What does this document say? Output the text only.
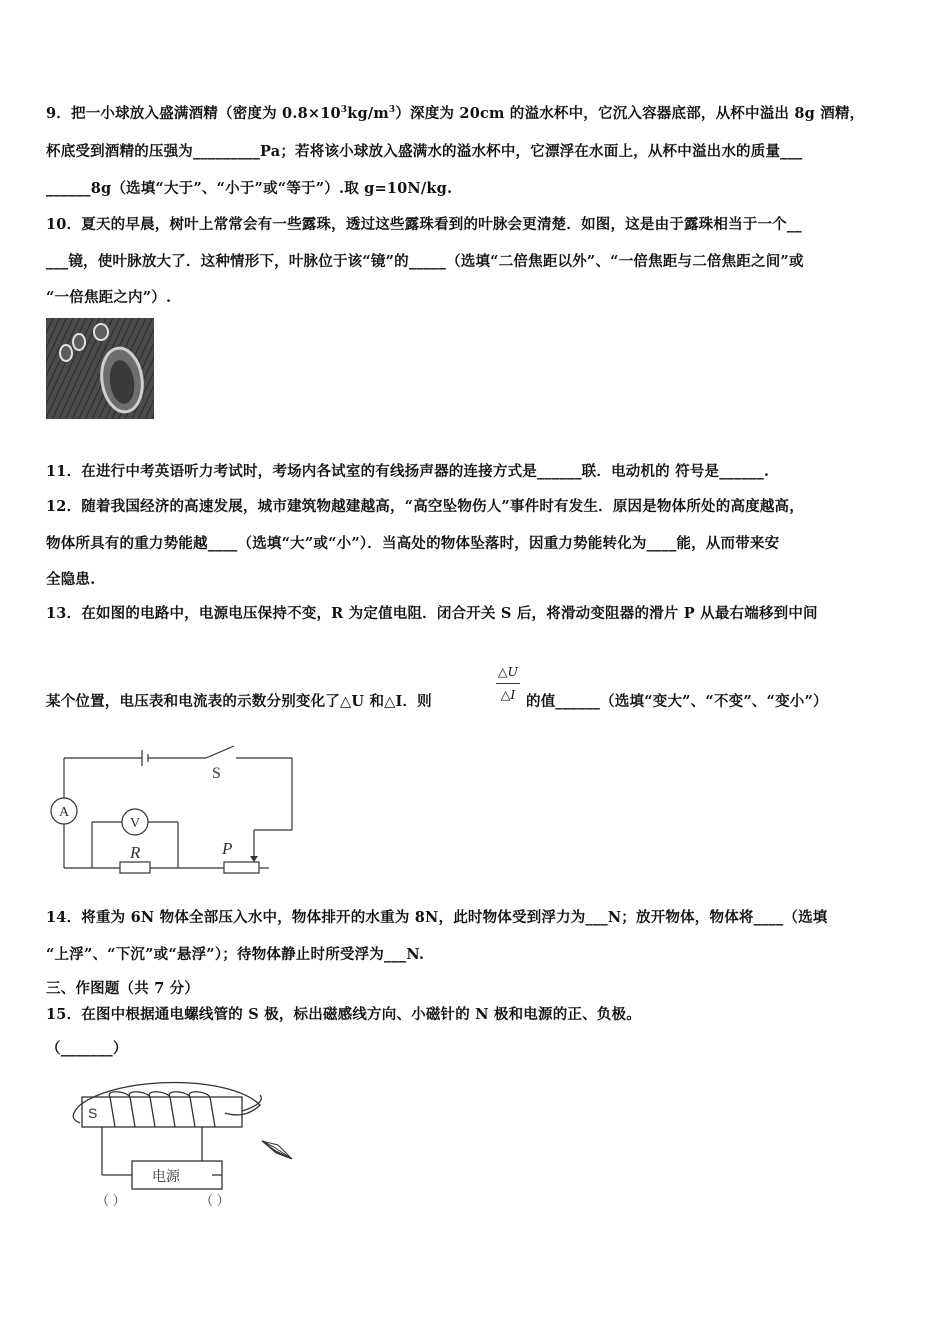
9．把一小球放入盛满酒精（密度为 $0.8\times 10^3kg/m^3$）深度为 20cm 的溢水杯中，它沉入容器底部，从杯中溢出 8g 酒精，
杯底受到酒精的压强为_________Pa；若将该小球放入盛满水的溢水杯中，它漂浮在水面上，从杯中溢出水的质量___
______8g（选填“大于”、“小于”或“等于”）.取 g=10N/kg.
10．夏天的早晨，树叶上常常会有一些露珠，透过这些露珠看到的叶脉会更清楚．如图，这是由于露珠相当于一个__
___镜，使叶脉放大了．这种情形下，叶脉位于该“镜”的_____（选填“二倍焦距以外”、“一倍焦距与二倍焦距之间”或
“一倍焦距之内”）.
11．在进行中考英语听力考试时，考场内各试室的有线扬声器的连接方式是______联．电动机的 符号是______.
12．随着我国经济的高速发展，城市建筑物越建越高，“高空坠物伤人”事件时有发生．原因是物体所处的高度越高，
物体所具有的重力势能越____（选填“大”或“小”）．当高处的物体坠落时，因重力势能转化为____能，从而带来安
全隐患.
13．在如图的电路中，电源电压保持不变，R 为定值电阻．闭合开关 S 后，将滑动变阻器的滑片 P 从最右端移到中间
$\frac{\triangle U}{\triangle I}$
某个位置，电压表和电流表的示数分别变化了△U 和△I．则	的值______（选填“变大”、“不变”、“变小”）
A
V
S
R	P
14．将重为 6N 物体全部压入水中，物体排开的水重为 8N，此时物体受到浮力为___N；放开物体，物体将____（选填
“上浮”、“下沉”或“悬浮”）；待物体静止时所受浮为___N.
三、作图题（共 7 分）
15．在图中根据通电螺线管的 S 极，标出磁感线方向、小磁针的 N 极和电源的正、负极。
（_______）
S
电源
（ ）	（ ）
